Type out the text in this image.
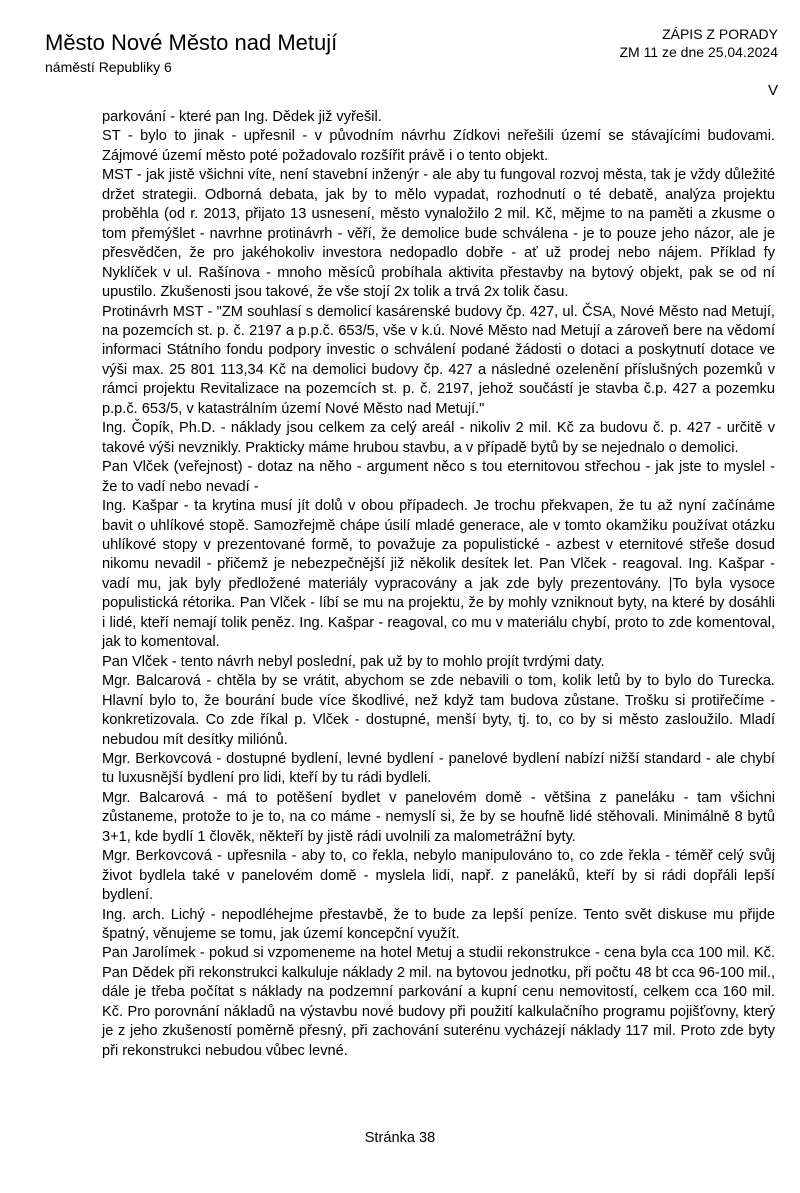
Město Nové Město nad Metují
náměstí Republiky 6
ZÁPIS Z PORADY
ZM 11 ze dne 25.04.2024
V

parkování - které pan Ing. Dědek již vyřešil.

ST - bylo to jinak - upřesnil - v původním návrhu Zídkovi neřešili území se stávajícími budovami. Zájmové území město poté požadovalo rozšířit právě i o tento objekt.

MST - jak jistě všichni víte, není stavební inženýr - ale aby tu fungoval rozvoj města, tak je vždy důležité držet strategii. Odborná debata, jak by to mělo vypadat, rozhodnutí o té debatě, analýza projektu proběhla (od r. 2013, přijato 13 usnesení, město vynaložilo 2 mil. Kč, mějme to na paměti a zkusme o tom přemýšlet - navrhne protinávrh - věří, že demolice bude schválena - je to pouze jeho názor, ale je přesvědčen, že pro jakéhokoliv investora nedopadlo dobře - ať už prodej nebo nájem. Příklad fy Nyklíček v ul. Rašínova - mnoho měsíců probíhala aktivita přestavby na bytový objekt, pak se od ní upustilo. Zkušenosti jsou takové, že vše stojí 2x tolik a trvá 2x tolik času.

Protinávrh MST - "ZM souhlasí s demolicí kasárenské budovy čp. 427, ul. ČSA, Nové Město nad Metují, na pozemcích st. p. č. 2197 a p.p.č. 653/5, vše v k.ú. Nové Město nad Metují a zároveň bere na vědomí informaci Státního fondu podpory investic o schválení podané žádosti o dotaci a poskytnutí dotace ve výši max. 25 801 113,34 Kč na demolici budovy čp. 427 a následné ozelenění příslušných pozemků v rámci projektu Revitalizace na pozemcích st. p. č. 2197, jehož součástí je stavba č.p. 427 a pozemku p.p.č. 653/5, v katastrálním území Nové Město nad Metují."

Ing. Čopík, Ph.D. - náklady jsou celkem za celý areál - nikoliv 2 mil. Kč za budovu č. p. 427 - určitě v takové výši nevznikly. Prakticky máme hrubou stavbu, a v případě bytů by se nejednalo o demolici.

Pan Vlček (veřejnost) - dotaz na něho - argument něco s tou eternitovou střechou - jak jste to myslel - že to vadí nebo nevadí -

Ing. Kašpar - ta krytina musí jít dolů v obou případech. Je trochu překvapen, že tu až nyní začínáme bavit o uhlíkové stopě. Samozřejmě chápe úsilí mladé generace, ale v tomto okamžiku používat otázku uhlíkové stopy v prezentované formě, to považuje za populistické - azbest v eternitové střeše dosud nikomu nevadil - přičemž je nebezpečnější již několik desítek let. Pan Vlček - reagoval. Ing. Kašpar - vadí mu, jak byly předložené materiály vypracovány a jak zde byly prezentovány. |To byla vysoce populistická rétorika. Pan Vlček - líbí se mu na projektu, že by mohly vzniknout byty, na které by dosáhli i lidé, kteří nemají tolik peněz. Ing. Kašpar - reagoval, co mu v materiálu chybí, proto to zde komentoval, jak to komentoval.

Pan Vlček - tento návrh nebyl poslední, pak už by to mohlo projít tvrdými daty.

Mgr. Balcarová - chtěla by se vrátit, abychom se zde nebavili o tom, kolik letů by to bylo do Turecka. Hlavní bylo to, že bourání bude více škodlivé, než když tam budova zůstane. Trošku si protiřečíme - konkretizovala. Co zde říkal p. Vlček - dostupné, menší byty, tj. to, co by si město zasloužilo. Mladí nebudou mít desítky miliónů.

Mgr. Berkovcová - dostupné bydlení, levné bydlení - panelové bydlení nabízí nižší standard - ale chybí tu luxusnější bydlení pro lidi, kteří by tu rádi bydleli.

Mgr. Balcarová - má to potěšení bydlet v panelovém domě - většina z paneláku - tam všichni zůstaneme, protože to je to, na co máme - nemyslí si, že by se houfně lidé stěhovali. Minimálně 8 bytů 3+1, kde bydlí 1 člověk, někteří by jistě rádi uvolnili za malometrážní byty.

Mgr. Berkovcová - upřesnila - aby to, co řekla, nebylo manipulováno to, co zde řekla - téměř celý svůj život bydlela také v panelovém domě - myslela lidi, např. z paneláků, kteří by si rádi dopřáli lepší bydlení.

Ing. arch. Lichý - nepodléhejme přestavbě, že to bude za lepší peníze. Tento svět diskuse mu přijde špatný, věnujeme se tomu, jak území koncepční využít.

Pan Jarolímek - pokud si vzpomeneme na hotel Metuj a studii rekonstrukce - cena byla cca 100 mil. Kč. Pan Dědek při rekonstrukci kalkuluje náklady 2 mil. na bytovou jednotku, při počtu 48 bt cca 96-100 mil., dále je třeba počítat s náklady na podzemní parkování a kupní cenu nemovitostí, celkem cca 160 mil. Kč. Pro porovnání nákladů na výstavbu nové budovy při použití kalkulačního programu pojišťovny, který je z jeho zkušeností poměrně přesný, při zachování suterénu vycházejí náklady 117 mil. Proto zde byty při rekonstrukci nebudou vůbec levné.

Stránka 38
